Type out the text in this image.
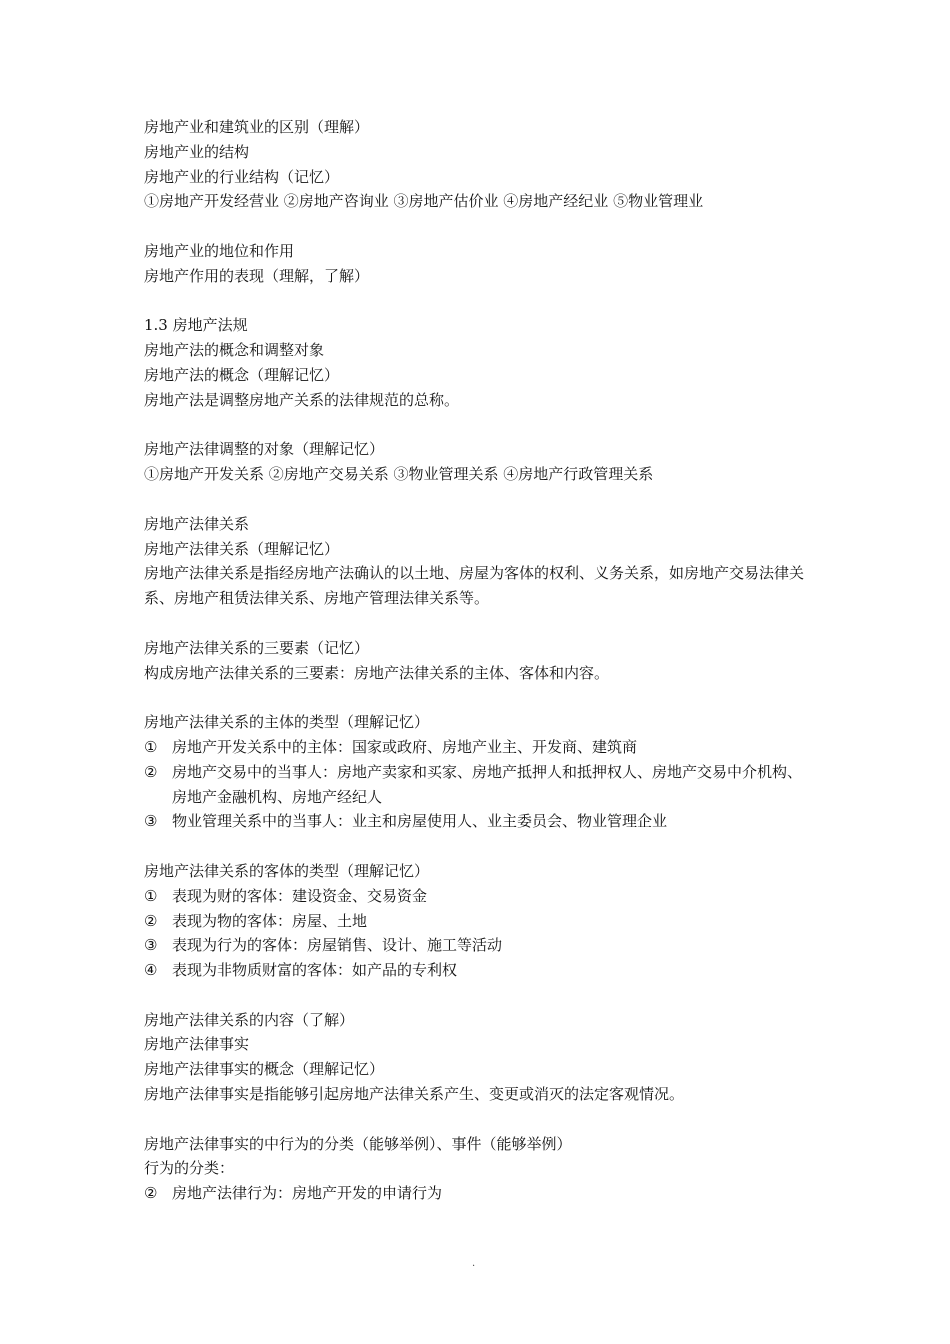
房地产业和建筑业的区别（理解）

房地产业的结构

房地产业的行业结构（记忆）

①房地产开发经营业 ②房地产咨询业 ③房地产估价业 ④房地产经纪业 ⑤物业管理业

房地产业的地位和作用

房地产作用的表现（理解，了解）

1.3 房地产法规

房地产法的概念和调整对象

房地产法的概念（理解记忆）

房地产法是调整房地产关系的法律规范的总称。

房地产法律调整的对象（理解记忆）

①房地产开发关系 ②房地产交易关系 ③物业管理关系 ④房地产行政管理关系

房地产法律关系

房地产法律关系（理解记忆）

房地产法律关系是指经房地产法确认的以土地、房屋为客体的权利、义务关系，如房地产交易法律关系、房地产租赁法律关系、房地产管理法律关系等。

房地产法律关系的三要素（记忆）

构成房地产法律关系的三要素：房地产法律关系的主体、客体和内容。

房地产法律关系的主体的类型（理解记忆）

① 房地产开发关系中的主体：国家或政府、房地产业主、开发商、建筑商
② 房地产交易中的当事人：房地产卖家和买家、房地产抵押人和抵押权人、房地产交易中介机构、房地产金融机构、房地产经纪人
③ 物业管理关系中的当事人：业主和房屋使用人、业主委员会、物业管理企业

房地产法律关系的客体的类型（理解记忆）

① 表现为财的客体：建设资金、交易资金
② 表现为物的客体：房屋、土地
③ 表现为行为的客体：房屋销售、设计、施工等活动
④ 表现为非物质财富的客体：如产品的专利权

房地产法律关系的内容（了解）

房地产法律事实

房地产法律事实的概念（理解记忆）

房地产法律事实是指能够引起房地产法律关系产生、变更或消灭的法定客观情况。

房地产法律事实的中行为的分类（能够举例）、事件（能够举例）

行为的分类：

② 房地产法律行为：房地产开发的申请行为
.
